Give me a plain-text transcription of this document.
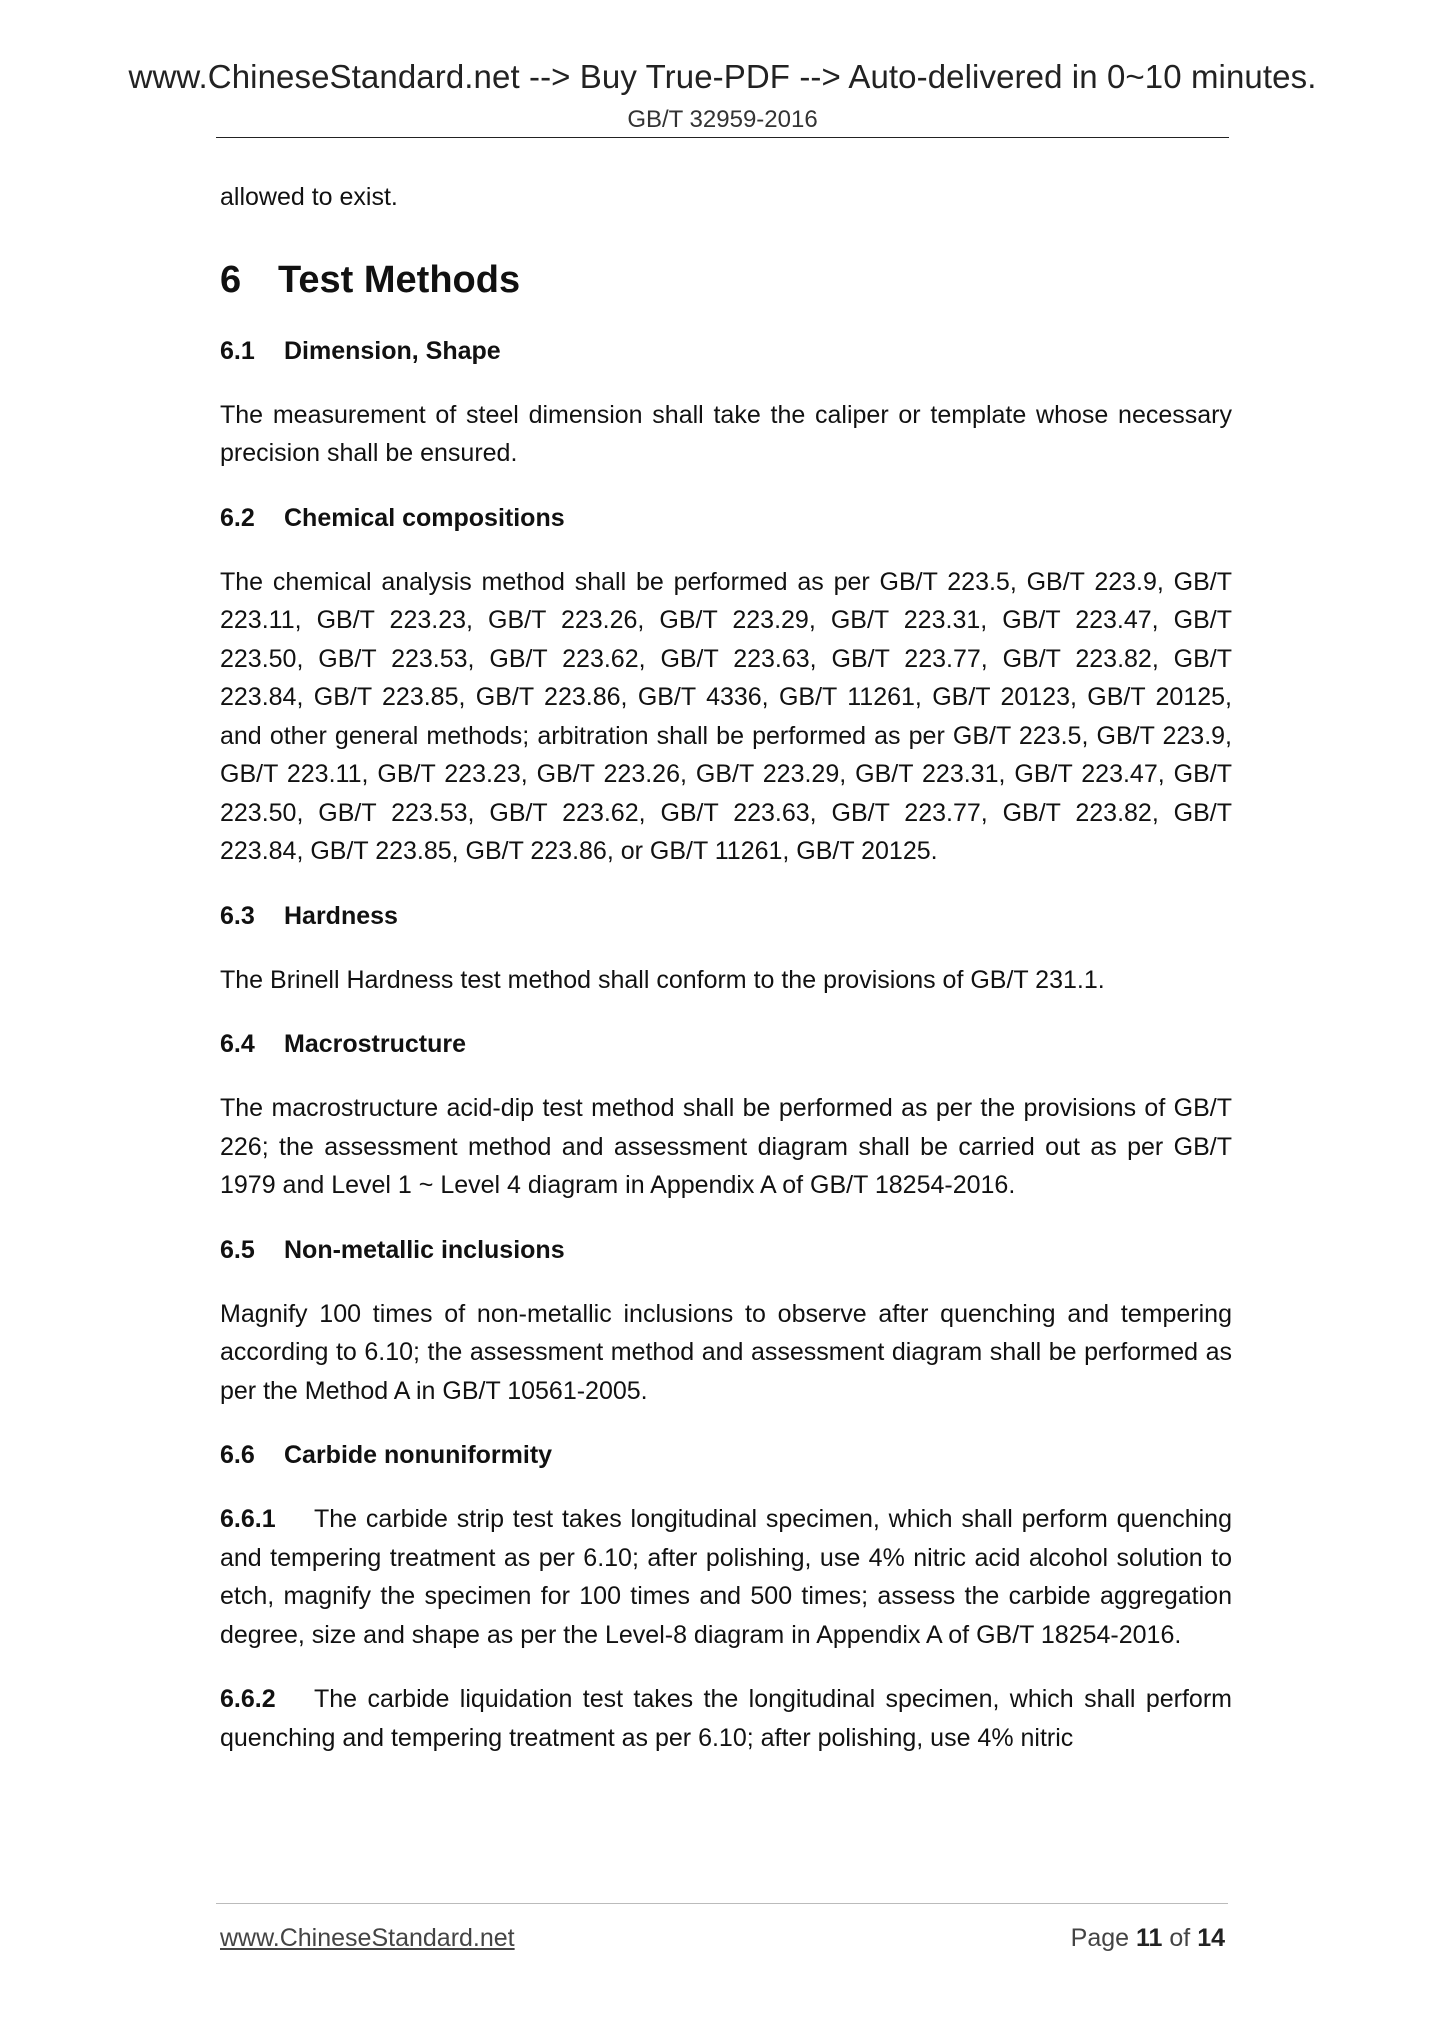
www.ChineseStandard.net --> Buy True-PDF --> Auto-delivered in 0~10 minutes.
GB/T 32959-2016

allowed to exist.

6 Test Methods
6.1 Dimension, Shape

The measurement of steel dimension shall take the caliper or template whose necessary precision shall be ensured.

6.2 Chemical compositions

The chemical analysis method shall be performed as per GB/T 223.5, GB/T 223.9, GB/T 223.11, GB/T 223.23, GB/T 223.26, GB/T 223.29, GB/T 223.31, GB/T 223.47, GB/T 223.50, GB/T 223.53, GB/T 223.62, GB/T 223.63, GB/T 223.77, GB/T 223.82, GB/T 223.84, GB/T 223.85, GB/T 223.86, GB/T 4336, GB/T 11261, GB/T 20123, GB/T 20125, and other general methods; arbitration shall be performed as per GB/T 223.5, GB/T 223.9, GB/T 223.11, GB/T 223.23, GB/T 223.26, GB/T 223.29, GB/T 223.31, GB/T 223.47, GB/T 223.50, GB/T 223.53, GB/T 223.62, GB/T 223.63, GB/T 223.77, GB/T 223.82, GB/T 223.84, GB/T 223.85, GB/T 223.86, or GB/T 11261, GB/T 20125.

6.3 Hardness

The Brinell Hardness test method shall conform to the provisions of GB/T 231.1.

6.4 Macrostructure

The macrostructure acid-dip test method shall be performed as per the provisions of GB/T 226; the assessment method and assessment diagram shall be carried out as per GB/T 1979 and Level 1 ~ Level 4 diagram in Appendix A of GB/T 18254-2016.

6.5 Non-metallic inclusions

Magnify 100 times of non-metallic inclusions to observe after quenching and tempering according to 6.10; the assessment method and assessment diagram shall be performed as per the Method A in GB/T 10561-2005.

6.6 Carbide nonuniformity

6.6.1 The carbide strip test takes longitudinal specimen, which shall perform quenching and tempering treatment as per 6.10; after polishing, use 4% nitric acid alcohol solution to etch, magnify the specimen for 100 times and 500 times; assess the carbide aggregation degree, size and shape as per the Level-8 diagram in Appendix A of GB/T 18254-2016.

6.6.2 The carbide liquidation test takes the longitudinal specimen, which shall perform quenching and tempering treatment as per 6.10; after polishing, use 4% nitric

www.ChineseStandard.net	Page 11 of 14
